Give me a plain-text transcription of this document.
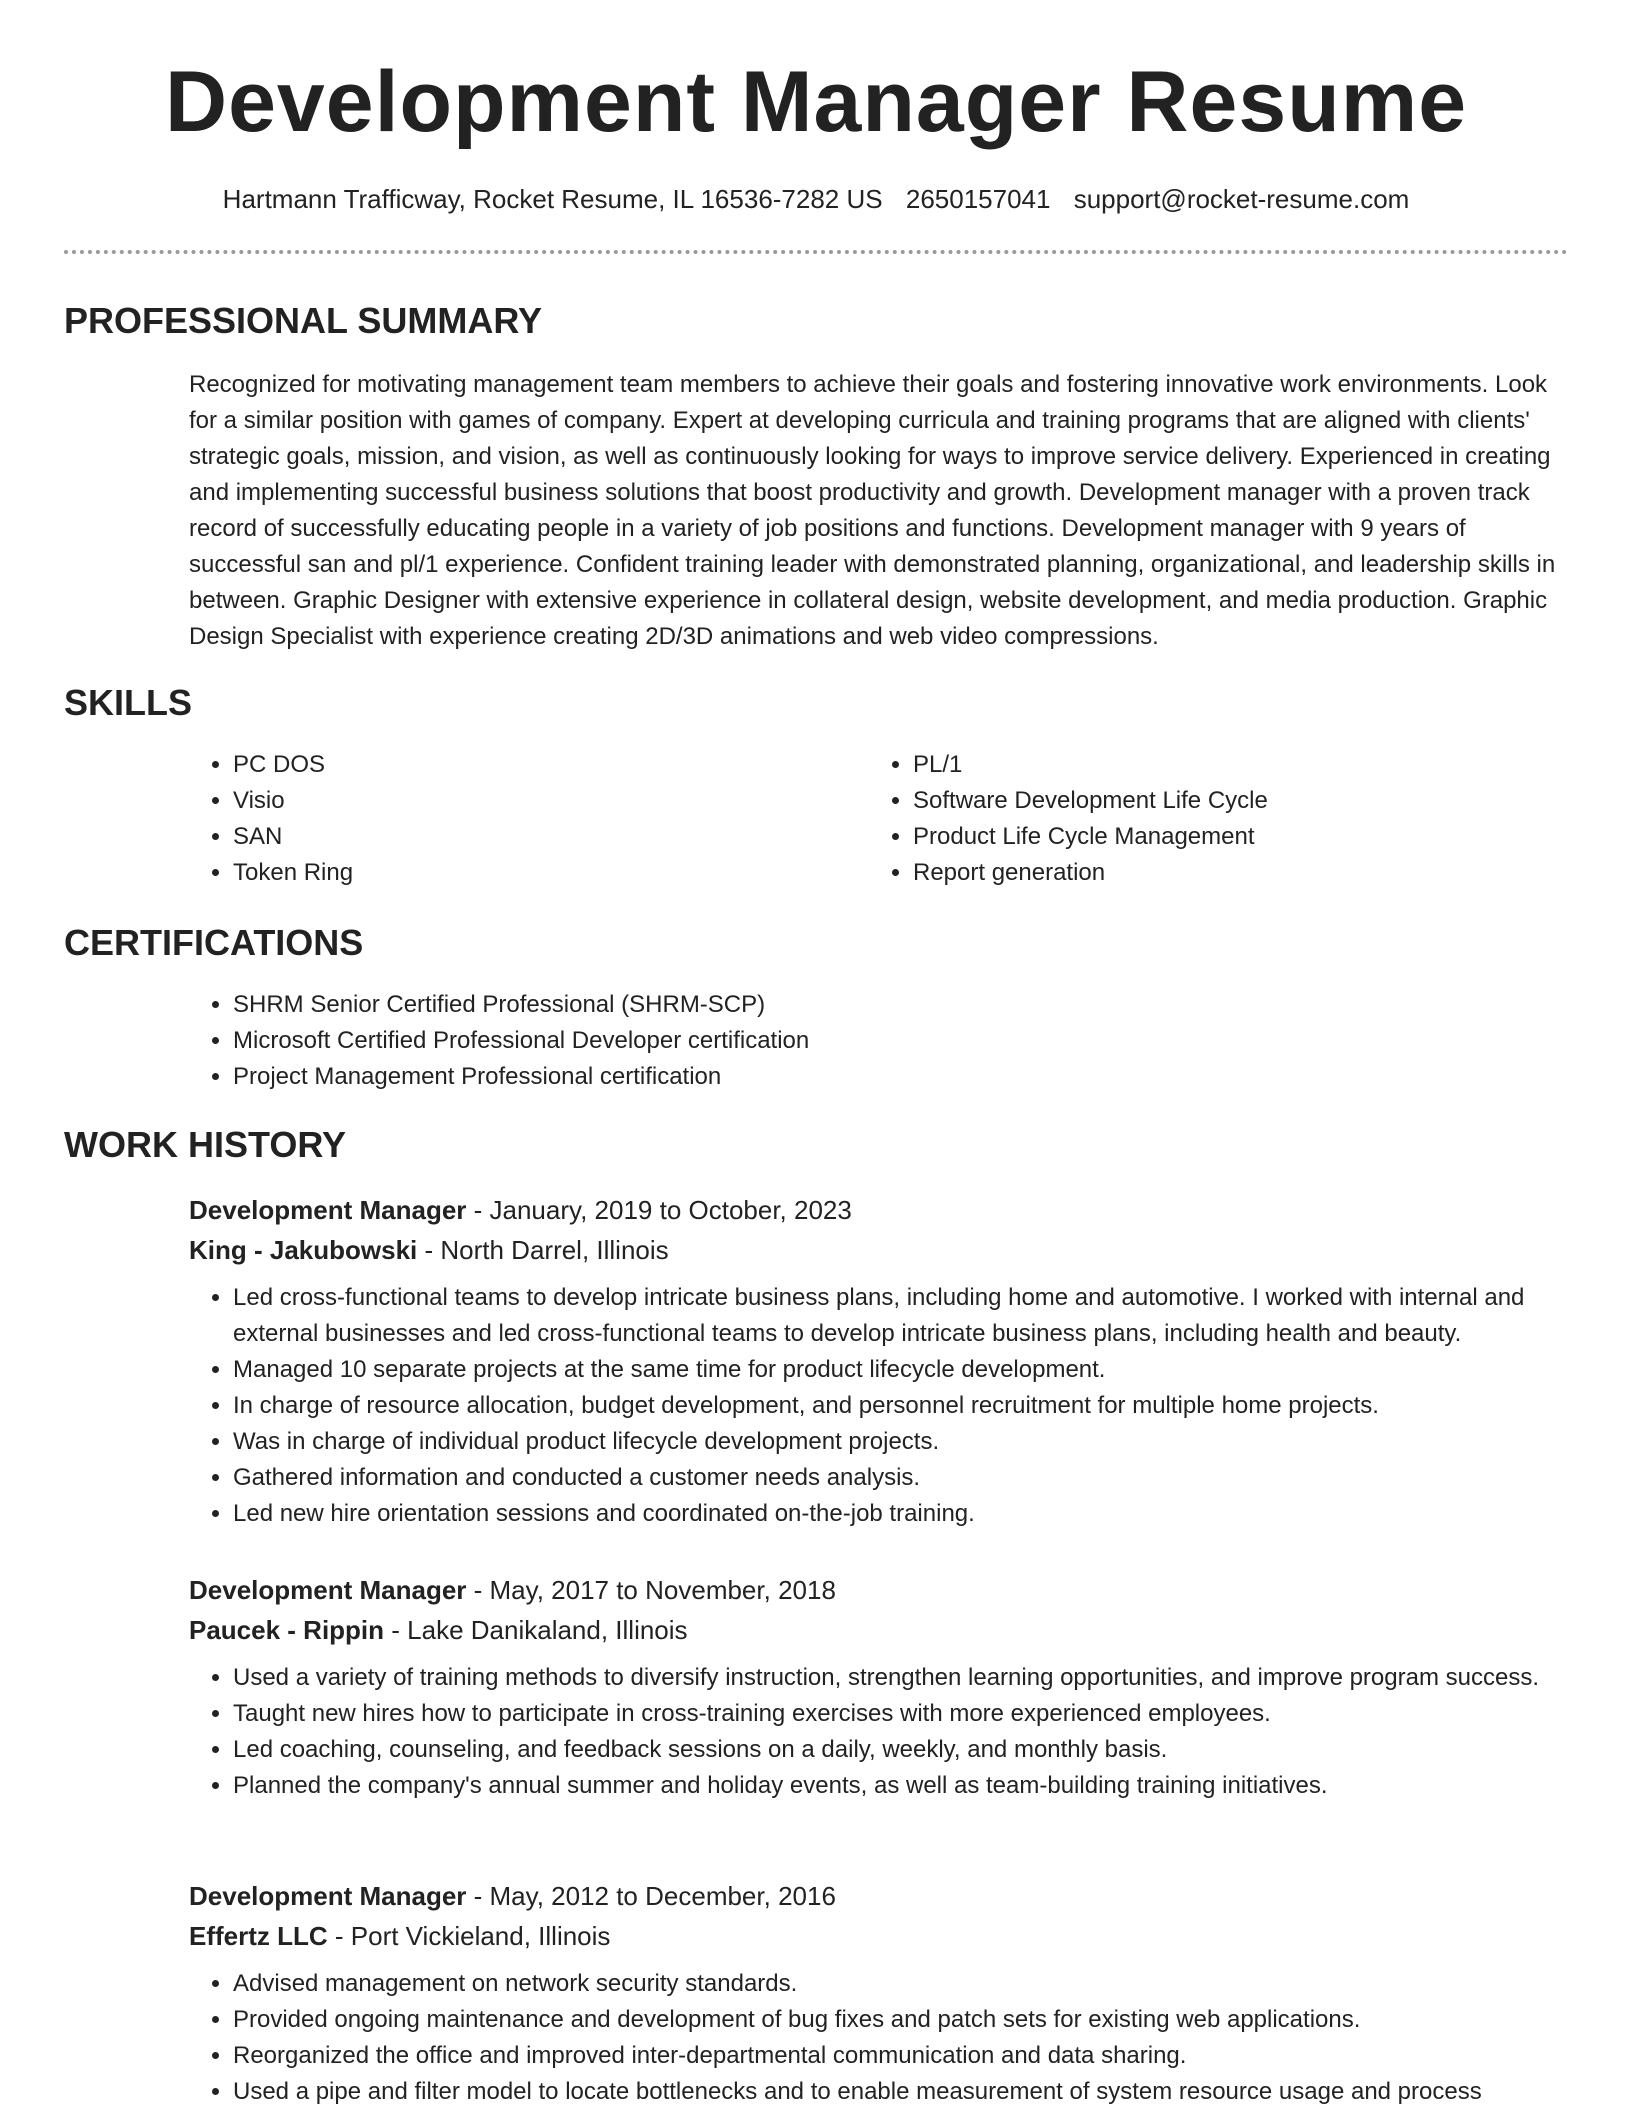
Development Manager Resume
Hartmann Trafficway, Rocket Resume, IL 16536-7282 US 2650157041 support@rocket-resume.com
PROFESSIONAL SUMMARY

Recognized for motivating management team members to achieve their goals and fostering innovative work environments. Look for a similar position with games of company. Expert at developing curricula and training programs that are aligned with clients' strategic goals, mission, and vision, as well as continuously looking for ways to improve service delivery. Experienced in creating and implementing successful business solutions that boost productivity and growth. Development manager with a proven track record of successfully educating people in a variety of job positions and functions. Development manager with 9 years of successful san and pl/1 experience. Confident training leader with demonstrated planning, organizational, and leadership skills in between. Graphic Designer with extensive experience in collateral design, website development, and media production. Graphic Design Specialist with experience creating 2D/3D animations and web video compressions.

SKILLS
• PC DOS
• Visio
• SAN
• Token Ring
• PL/1
• Software Development Life Cycle
• Product Life Cycle Management
• Report generation
CERTIFICATIONS
• SHRM Senior Certified Professional (SHRM-SCP)
• Microsoft Certified Professional Developer certification
• Project Management Professional certification
WORK HISTORY
Development Manager - January, 2019 to October, 2023
King - Jakubowski - North Darrel, Illinois
• Led cross-functional teams to develop intricate business plans, including home and automotive. I worked with internal and external businesses and led cross-functional teams to develop intricate business plans, including health and beauty.
• Managed 10 separate projects at the same time for product lifecycle development.
• In charge of resource allocation, budget development, and personnel recruitment for multiple home projects.
• Was in charge of individual product lifecycle development projects.
• Gathered information and conducted a customer needs analysis.
• Led new hire orientation sessions and coordinated on-the-job training.
Development Manager - May, 2017 to November, 2018
Paucek - Rippin - Lake Danikaland, Illinois
• Used a variety of training methods to diversify instruction, strengthen learning opportunities, and improve program success.
• Taught new hires how to participate in cross-training exercises with more experienced employees.
• Led coaching, counseling, and feedback sessions on a daily, weekly, and monthly basis.
• Planned the company's annual summer and holiday events, as well as team-building training initiatives.
Development Manager - May, 2012 to December, 2016
Effertz LLC - Port Vickieland, Illinois
• Advised management on network security standards.
• Provided ongoing maintenance and development of bug fixes and patch sets for existing web applications.
• Reorganized the office and improved inter-departmental communication and data sharing.
• Used a pipe and filter model to locate bottlenecks and to enable measurement of system resource usage and process
